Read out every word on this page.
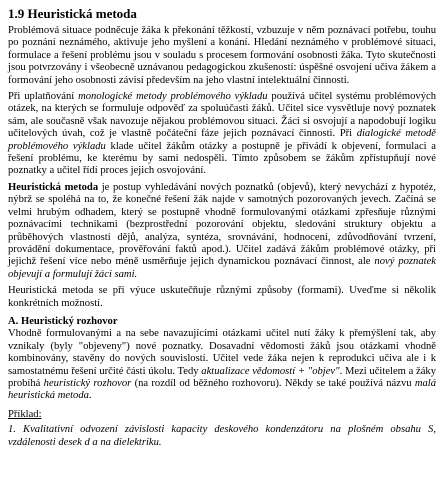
1.9 Heuristická metoda

Problémová situace podněcuje žáka k překonání těžkostí, vzbuzuje v něm poznávací potřebu, touhu po poznání neznámého, aktivuje jeho myšlení a konání. Hledání neznámého v problémové situaci, formulace a řešení problému jsou v souladu s procesem formování osobnosti žáka. Tyto skutečnosti jsou potvrzovány i všeobecně uznávanou pedagogickou zkušeností: úspěšné osvojení učiva žákem a formování jeho osobnosti závisí především na jeho vlastní intelektuální činnosti.

Při uplatňování monologické metody problémového výkladu používá učitel systému problémových otázek, na kterých se formuluje odpověď za spoluúčasti žáků. Učitel sice vysvětluje nový poznatek sám, ale současně však navozuje nějakou problémovou situaci. Žáci si osvojují a napodobují logiku učitelových úvah, což je vlastně počáteční fáze jejich poznávací činnosti. Při dialogické metodě problémového výkladu klade učitel žákům otázky a postupně je přivádí k objevení, formulaci a řešení problému, ke kterému by sami nedospěli. Tímto způsobem se žákům zpřístupňují nové poznatky a učitel řídí proces jejich osvojování.

Heuristická metoda je postup vyhledávání nových poznatků (objevů), který nevychází z hypotéz, nýbrž se spoléhá na to, že konečné řešení žák najde v samotných pozorovaných jevech. Začíná se velmi hrubým odhadem, který se postupně vhodně formulovanými otázkami zpřesňuje různými poznávacími technikami (bezprostřední pozorování objektu, sledování struktury objektu a průběhových vlastností dějů, analýza, syntéza, srovnávání, hodnocení, zdůvodňování tvrzení, provádění dokumentace, prověřování faktů apod.). Učitel zadává žákům problémové otázky, při jejichž řešení více nebo méně usměrňuje jejich dynamickou poznávací činnost, ale nový poznatek objevují a formulují žáci sami.

Heuristická metoda se při výuce uskutečňuje různými způsoby (formami). Uveďme si několik konkrétních možností.

A. Heuristický rozhovor

Vhodně formulovanými a na sebe navazujícími otázkami učitel nutí žáky k přemýšlení tak, aby vznikaly (byly "objeveny") nové poznatky. Dosavadní vědomosti žáků jsou otázkami vhodně kombinovány, stavěny do nových souvislostí. Učitel vede žáka nejen k reprodukci učiva ale i k samostatnému řešení určité části úkolu. Tedy aktualizace vědomostí + "objev". Mezi učitelem a žáky probíhá heuristický rozhovor (na rozdíl od běžného rozhovoru). Někdy se také používá názvu malá heuristická metoda.

Příklad:

1. Kvalitativní odvození závislosti kapacity deskového kondenzátoru na plošném obsahu S, vzdálenosti desek d a na dielektriku.
